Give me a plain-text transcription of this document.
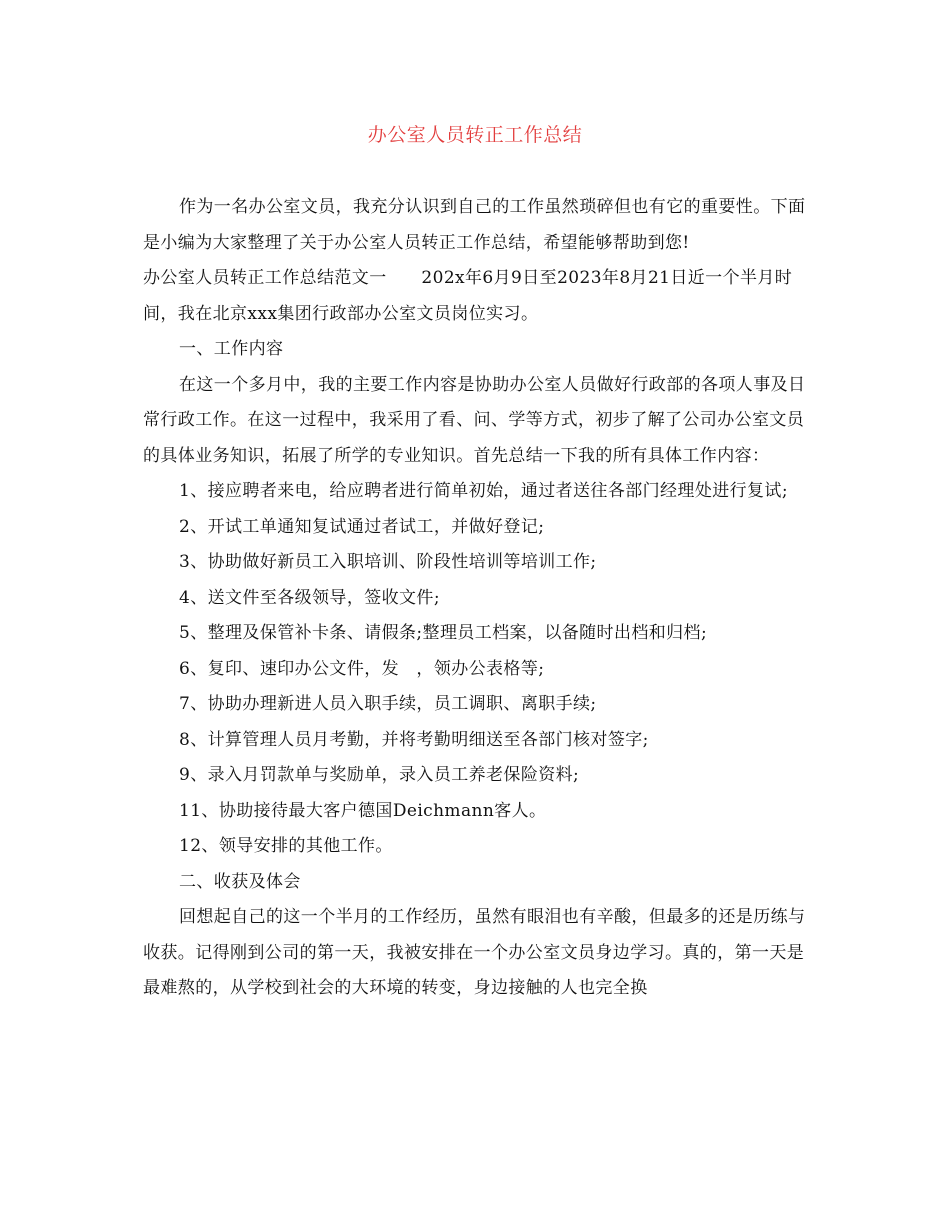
办公室人员转正工作总结

作为一名办公室文员，我充分认识到自己的工作虽然琐碎但也有它的重要性。下面是小编为大家整理了关于办公室人员转正工作总结，希望能够帮助到您!

办公室人员转正工作总结范文一　　202x年6月9日至2023年8月21日近一个半月时间，我在北京xxx集团行政部办公室文员岗位实习。

一、工作内容

在这一个多月中，我的主要工作内容是协助办公室人员做好行政部的各项人事及日常行政工作。在这一过程中，我采用了看、问、学等方式，初步了解了公司办公室文员的具体业务知识，拓展了所学的专业知识。首先总结一下我的所有具体工作内容：

1、接应聘者来电，给应聘者进行简单初始，通过者送往各部门经理处进行复试;

2、开试工单通知复试通过者试工，并做好登记;

3、协助做好新员工入职培训、阶段性培训等培训工作;

4、送文件至各级领导，签收文件;

5、整理及保管补卡条、请假条;整理员工档案，以备随时出档和归档;

6、复印、速印办公文件，发　，领办公表格等;

7、协助办理新进人员入职手续，员工调职、离职手续;

8、计算管理人员月考勤，并将考勤明细送至各部门核对签字;

9、录入月罚款单与奖励单，录入员工养老保险资料;

11、协助接待最大客户德国Deichmann客人。

12、领导安排的其他工作。

二、收获及体会

回想起自己的这一个半月的工作经历，虽然有眼泪也有辛酸，但最多的还是历练与收获。记得刚到公司的第一天，我被安排在一个办公室文员身边学习。真的，第一天是最难熬的，从学校到社会的大环境的转变，身边接触的人也完全换
